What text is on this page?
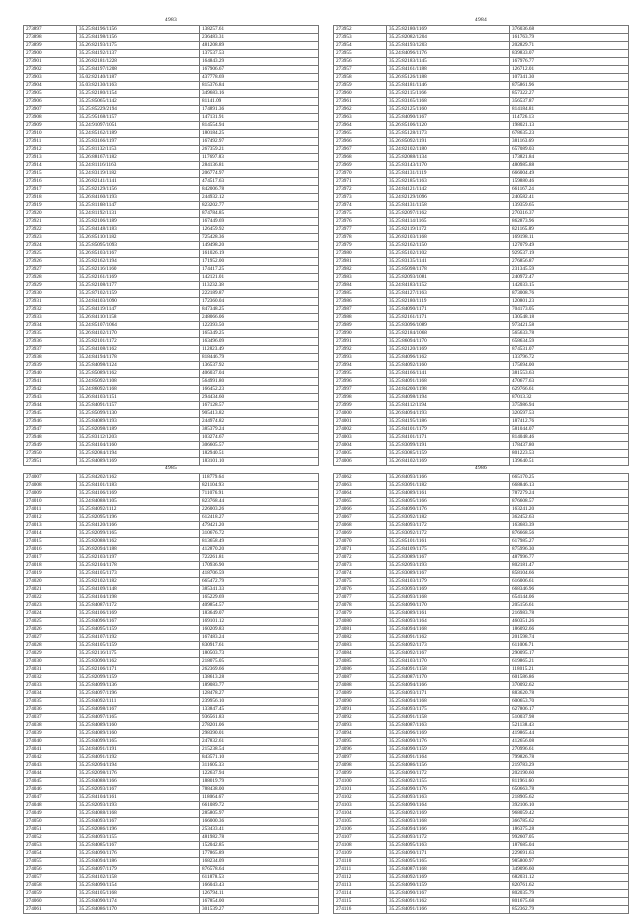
4983
273897	35.25:84196/1156	138257.61
273898	35.25:84198/1156	236483.31
273899	35.26:82193/1175	481208.89
273900	35.25:84192/1137	137537.53
273901	35.26:82181/1228	164843.29
273902	35.25:84197/1208	167906.67
273903	35.02:82140/1187	437778.69
273904	35.03:82130/1163	815376.84
273905	35.25:82180/1154	349683.16
273906	35.25:85065/1142	81141.09
273907	35.25:85229/2194	174891.36
273908	35.25:95168/1157	147131.91
273909	35.24:91097/1051	814554.94
273910	35.24:85162/1189	180184.25
273911	35.25:83166/1197	167492.97
273912	35.25:81132/1153	267359.21
273913	35.26:88167/1182	117697.83
273914	35.24:81116/1163	284136.81
273915	35.24:83119/1182	206774.97
273916	35.26:82141/1141	474517.63
273917	35.25:82129/1156	842006.78
273918	35.26:84160/1193	244932.12
273919	35.25:81168/1147	823202.77
273920	35.24:81192/1131	874784.85
273921	35.25:82106/1189	167449.69
273922	35.25:84148/1183	126459.92
273923	35.26:85110/1182	725428.36
273924	35.25:85095/1093	149498.20
273925	35.26:85103/1167	161026.19
273926	35.25:82162/1194	171952.00
273927	35.25:82116/1160	174417.25
273928	35.25:82161/1169	142121.01
273929	35.25:82108/1177	113232.38
273930	35.25:87102/1159	222189.87
273931	35.24:84103/1090	172360.04
273932	35.25:84119/1147	847348.25
273933	35.26:84110/1158	248066.06
273934	35.24:85107/1064	122393.50
273935	35.26:84102/1170	165349.25
273936	35.25:82101/1172	163496.09
273937	35.25:84108/1162	112823.49
273938	35.24:84194/1178	818446.79
273939	35.25:84098/1124	136537.92
273940	35.25:85089/1162	406037.04
273941	35.24:85092/1108	564991.80
273942	35.24:86092/1168	166452.23
273943	35.26:84103/1151	294434.60
273944	35.25:84091/1157	167128.57
273945	35.25:85099/1130	905413.82
273946	35.25:84089/1193	244974.82
273947	35.25:82098/1189	385379.24
273948	35.25:83112/1203	103274.67
273949	35.25:84104/1160	306605.57
273950	35.25:82084/1194	182940.51
273951	35.25:84089/1169	183101.10
4984
273952	35.25:82180/1169	376036.68
273953	35.25:82082/1204	161763.79
273954	35.25:84193/1203	202829.71
273955	35.24:84096/1176	839833.07
273956	35.25:82183/1145	167976.77
273957	35.25:84161/1188	126712.01
273958	35.26:85126/1188	107341.30
273959	35.25:84181/1146	875861.96
273960	35.25:82115/1166	857322.27
273961	35.25:83165/1168	356537.87
273962	35.25:82125/1160	814184.81
273963	35.25:84090/1167	114726.13
273964	35.26:85106/1120	198021.13
273965	35.25:85128/1173	678635.23
273966	35.26:85092/1191	381163.69
273967	35.24:82102/1180	657089.03
273968	35.25:82088/1134	173821.84
273969	35.25:83143/1170	480985.88
273970	35.25:84131/1119	666004.49
273971	35.25:82185/1163	159880.46
273972	35.24:84121/1142	661167.24
273973	35.24:82129/1096	240582.41
273974	35.25:84131/1158	139359.65
273975	35.25:82097/1162	270316.37
273976	35.25:84114/1165	862873.96
273977	35.25:82119/1172	821165.89
273978	35.26:82103/1168	169198.11
273979	35.25:82162/1150	127079.49
273980	35.25:85102/1102	929537.19
273981	35.25:83135/1141	276856.87
273982	35.25:85098/1178	231345.59
273983	35.25:82093/1081	240972.47
273984	35.24:84183/1152	142033.15
273985	35.25:84127/1163	873008.76
273986	35.25:82180/1119	120801.23
273987	35.25:84090/1171	704173.05
273988	35.25:82161/1171	130548.18
273989	35.25:83096/1089	973421.58
273990	35.25:82184/1068	565633.78
273991	35.25:86094/1170	658634.59
273992	35.25:82120/1169	874531.07
273993	35.25:84096/1162	133796.72
273994	35.25:84092/1160	175694.00
273995	35.25:84166/1141	381553.63
273996	35.25:84091/1168	470677.63
273997	35.24:84200/1198	629766.61
273998	35.25:84098/1194	87013.32
273999	35.25:84112/1194	375986.94
274000	35.26:84094/1193	320597.53
274001	35.25:84195/1186	187412.76
274002	35.25:84101/1179	581044.07
274003	35.25:84101/1171	814048.46
274004	35.25:83099/1191	178437.80
274005	35.25:83085/1159	801223.53
274006	35.26:84102/1169	139640.51
4985
274007	35.25:84202/1162	118779.64
274008	35.25:84101/1183	821104.93
274009	35.25:84106/1169	711076.91
274010	35.24:84088/1105	823768.44
274011	35.25:84092/1112	226003.26
274012	35.25:82095/1196	612418.27
274013	35.25:84120/1166	479421.20
274014	35.25:82099/1165	310676.72
274015	35.25:82088/1162	813658.49
274016	35.26:82094/1188	412870.20
274017	35.25:82103/1197	722261.81
274018	35.25:82104/1178	170936.90
274019	35.25:84105/1173	418706.59
274020	35.25:82102/1182	665472.79
274021	35.25:84109/1148	385341.33
274022	35.25:84104/1198	165229.69
274023	35.25:84087/1172	409854.57
274024	35.25:84106/1169	183649.07
274025	35.25:84096/1167	169101.12
274026	35.25:84095/1159	160209.83
274027	35.25:84107/1192	167483.24
274028	35.25:84105/1159	830917.61
274029	35.25:82116/1175	180503.73
274030	35.25:83090/1162	218075.05
274031	35.25:82106/1171	262369.66
274032	35.25:82099/1159	138613.28
274033	35.25:84099/1136	189083.77
274034	35.25:84097/1196	128478.27
274035	35.25:84092/1111	239956.10
274036	35.25:84098/1167	133847.45
274037	35.25:84097/1165	936561.83
274038	35.25:84089/1160	278201.06
274039	35.25:84089/1160	298390.01
274040	35.25:84099/1165	247832.61
274041	35.24:84091/1191	215238.54
274042	35.25:84091/1192	843571.10
274043	35.25:82094/1194	311605.33
274044	35.25:82098/1176	122637.94
274045	35.25:84088/1166	188019.79
274046	35.25:82093/1167	788438.00
274047	35.25:84104/1161	118064.67
274048	35.25:82093/1193	661089.72
274049	35.25:84088/1168	285805.97
274050	35.25:84093/1167	166000.36
274051	35.25:82086/1196	253433.41
274052	35.25:84093/1155	481982.78
274053	35.25:84085/1167	152042.85
274054	35.25:84090/1176	177865.89
274055	35.25:84094/1186	168234.09
274056	35.25:84097/1179	876578.64
274057	35.25:84102/1158	611878.53
274058	35.25:84090/1154	166043.43
274059	35.25:84105/1168	126794.11
274060	35.25:84090/1174	167854.00
274061	35.25:84086/1170	301539.27
4986
274062	35.26:84093/1166	665170.25
274063	35.25:83091/1182	668846.13
274064	35.25:84089/1161	787279.24
274065	35.25:84095/1166	876608.57
274066	35.25:84090/1176	163241.20
274067	35.25:83092/1182	362452.63
274068	35.25:84093/1172	163683.39
274069	35.25:83092/1172	876668.56
274070	35.25:85101/1161	617985.27
274071	35.25:84109/1175	875996.30
274072	35.25:83089/1167	487996.77
274073	35.25:82093/1193	802181.47
274074	35.25:83089/1167	858104.66
274075	35.25:84103/1179	616006.61
274076	35.25:83093/1169	668346.96
274077	35.25:84093/1168	654144.06
274078	35.25:84090/1170	205156.61
274079	35.25:84089/1161	216983.78
274080	35.25:84093/1164	460351.26
274081	35.25:84094/1168	186092.66
274082	35.25:84091/1162	201598.74
274083	35.25:84092/1173	611006.71
274084	35.25:84092/1167	290095.17
274085	35.25:84103/1170	619865.21
274086	35.25:84091/1158	118015.21
274087	35.25:84087/1170	601586.86
274088	35.25:84094/1166	370092.62
274089	35.25:84093/1171	883620.78
274090	35.25:84094/1168	600653.70
274091	35.25:84093/1175	627806.17
274092	35.25:84091/1158	510037.98
274093	35.25:84087/1163	521138.43
274094	35.25:84096/1169	419865.44
274095	35.25:84090/1176	412656.08
274096	35.25:84090/1159	270996.61
274097	35.25:84091/1164	799826.78
274098	35.25:84086/1156	219783.29
274099	35.25:84090/1172	202190.60
274100	35.25:84092/1155	811961.60
274101	35.25:84090/1176	650663.78
274102	35.25:84093/1163	218905.62
274103	35.25:84090/1164	392106.10
274104	35.25:84092/1169	968059.42
274105	35.25:84093/1168	366785.62
274106	35.25:84094/1166	186375.28
274107	35.25:84093/1172	992607.05
274108	35.25:84095/1163	187685.04
274109	35.25:84090/1171	229691.63
274110	35.25:84095/1165	985800.97
274111	35.25:84087/1168	349096.60
274112	35.25:84092/1169	682031.12
274113	35.25:84090/1159	820761.62
274114	35.25:84090/1167	802035.79
274115	35.25:84091/1162	801675.68
274116	35.25:84091/1166	852362.79
